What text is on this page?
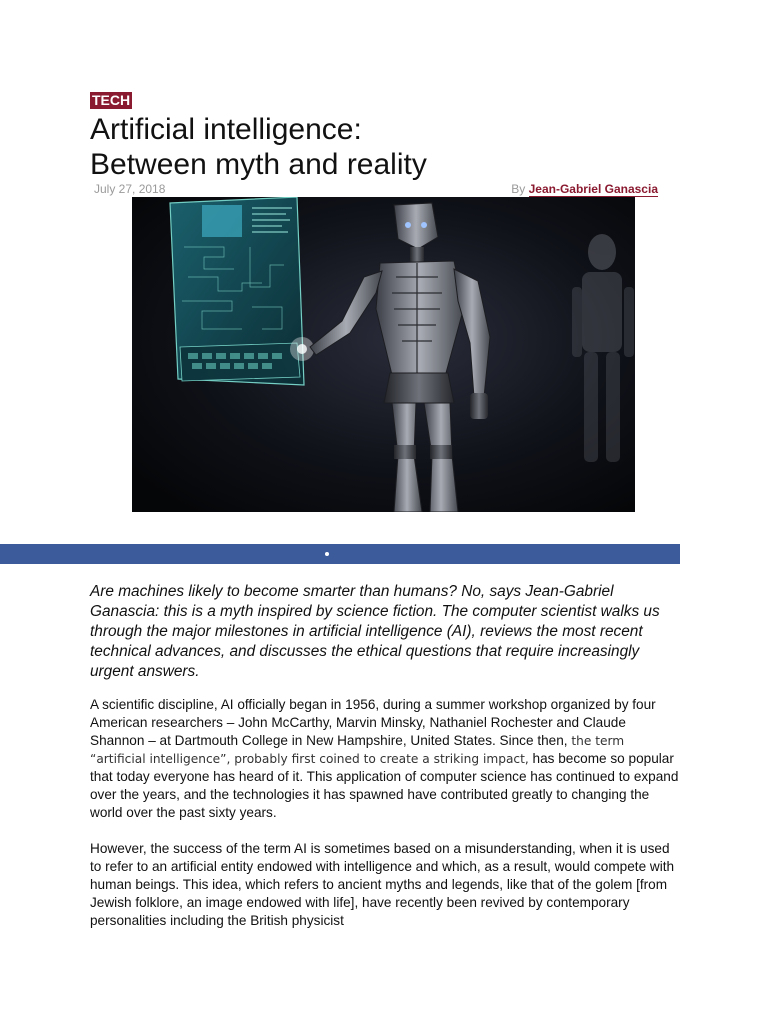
TECH
Artificial intelligence:
Between myth and reality
July 27, 2018	By Jean-Gabriel Ganascia

Are machines likely to become smarter than humans? No, says Jean-Gabriel Ganascia: this is a myth inspired by science fiction. The computer scientist walks us through the major milestones in artificial intelligence (AI), reviews the most recent technical advances, and discusses the ethical questions that require increasingly urgent answers.

A scientific discipline, AI officially began in 1956, during a summer workshop organized by four American researchers – John McCarthy, Marvin Minsky, Nathaniel Rochester and Claude Shannon – at Dartmouth College in New Hampshire, United States. Since then, the term “artificial intelligence”, probably first coined to create a striking impact, has become so popular that today everyone has heard of it. This application of computer science has continued to expand over the years, and the technologies it has spawned have contributed greatly to changing the world over the past sixty years.

However, the success of the term AI is sometimes based on a misunderstanding, when it is used to refer to an artificial entity endowed with intelligence and which, as a result, would compete with human beings. This idea, which refers to ancient myths and legends, like that of the golem [from Jewish folklore, an image endowed with life], have recently been revived by contemporary personalities including the British physicist
